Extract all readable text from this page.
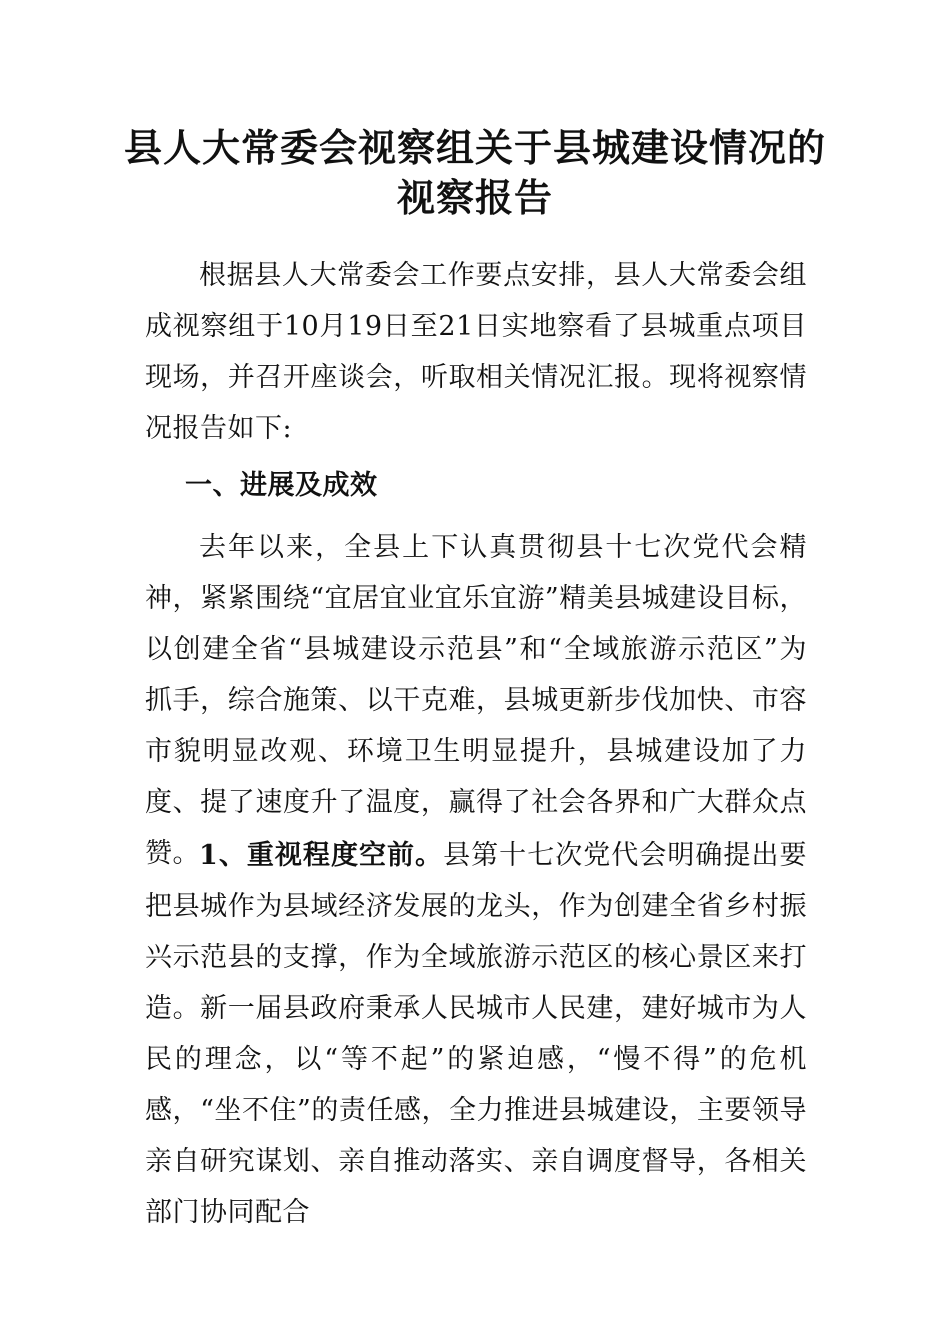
县人大常委会视察组关于县城建设情况的
视察报告

根据县人大常委会工作要点安排，县人大常委会组成视察组于10月19日至21日实地察看了县城重点项目现场，并召开座谈会，听取相关情况汇报。现将视察情况报告如下:

一、进展及成效

去年以来，全县上下认真贯彻县十七次党代会精神，紧紧围绕“宜居宜业宜乐宜游”精美县城建设目标，以创建全省“县城建设示范县”和“全域旅游示范区”为抓手，综合施策、以干克难，县城更新步伐加快、市容市貌明显改观、环境卫生明显提升，县城建设加了力度、提了速度升了温度，赢得了社会各界和广大群众点赞。 1、重视程度空前。县第十七次党代会明确提出要把县城作为县域经济发展的龙头，作为创建全省乡村振兴示范县的支撑，作为全域旅游示范区的核心景区来打造。新一届县政府秉承人民城市人民建，建好城市为人民的理念，以“等不起”的紧迫感，“慢不得”的危机感，“坐不住”的责任感，全力推进县城建设，主要领导亲自研究谋划、亲自推动落实、亲自调度督导，各相关部门协同配合
